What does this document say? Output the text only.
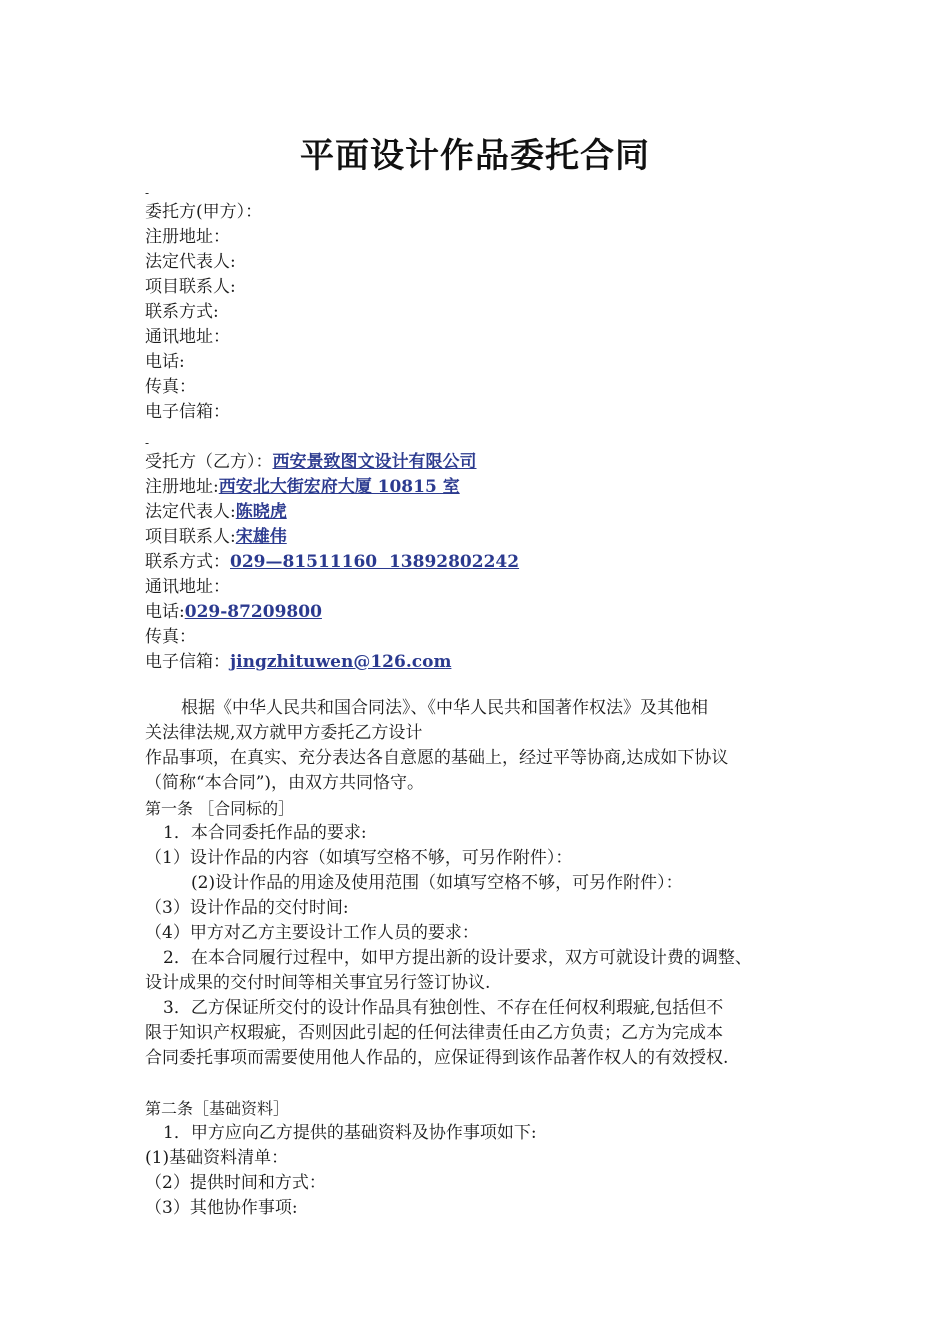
平面设计作品委托合同
-
委托方(甲方）：
注册地址：
法定代表人:
项目联系人:
联系方式:
通讯地址：
电话:
传真：
电子信箱：
-
受托方（乙方）：西安景致图文设计有限公司
注册地址:西安北大街宏府大厦 10815 室
法定代表人:陈晓虎
项目联系人:宋雄伟
联系方式：029—81511160  13892802242
通讯地址：
电话:029-87209800
传真：
电子信箱：jingzhituwen@126.com
根据《中华人民共和国合同法》、《中华人民共和国著作权法》及其他相
关法律法规,双方就甲方委托乙方设计
作品事项，在真实、充分表达各自意愿的基础上，经过平等协商,达成如下协议
（简称“本合同”)，由双方共同恪守。
第一条 ［合同标的］
1．本合同委托作品的要求:
（1）设计作品的内容（如填写空格不够，可另作附件）：
(2)设计作品的用途及使用范围（如填写空格不够，可另作附件）：
（3）设计作品的交付时间:
（4）甲方对乙方主要设计工作人员的要求：
2．在本合同履行过程中，如甲方提出新的设计要求，双方可就设计费的调整、
设计成果的交付时间等相关事宜另行签订协议.
3．乙方保证所交付的设计作品具有独创性、不存在任何权利瑕疵,包括但不
限于知识产权瑕疵，否则因此引起的任何法律责任由乙方负责；乙方为完成本
合同委托事项而需要使用他人作品的，应保证得到该作品著作权人的有效授权.
第二条［基础资料］
1．甲方应向乙方提供的基础资料及协作事项如下:
(1)基础资料清单：
（2）提供时间和方式：
（3）其他协作事项:
